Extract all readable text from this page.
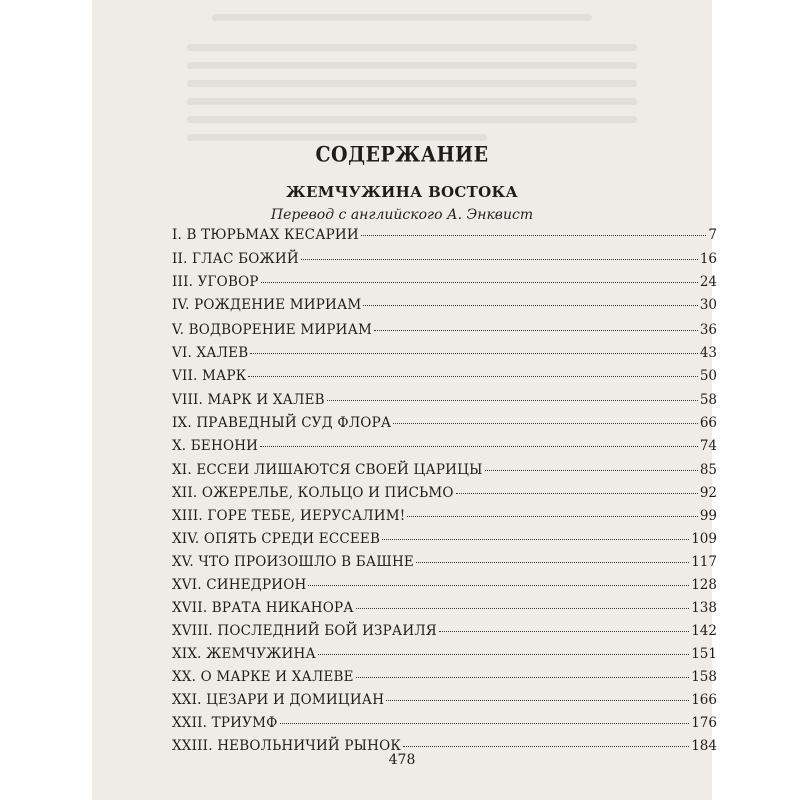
СОДЕРЖАНИЕ
ЖЕМЧУЖИНА ВОСТОКА
Перевод с английского А. Энквист
I. В ТЮРЬМАХ КЕСАРИИ	7
II. ГЛАС БОЖИЙ	16
III. УГОВОР	24
IV. РОЖДЕНИЕ МИРИАМ	30
V. ВОДВОРЕНИЕ МИРИАМ	36
VI. ХАЛЕВ	43
VII. МАРК	50
VIII. МАРК И ХАЛЕВ	58
IX. ПРАВЕДНЫЙ СУД ФЛОРА	66
X. БЕНОНИ	74
XI. ЕССЕИ ЛИШАЮТСЯ СВОЕЙ ЦАРИЦЫ	85
XII. ОЖЕРЕЛЬЕ, КОЛЬЦО И ПИСЬМО	92
XIII. ГОРЕ ТЕБЕ, ИЕРУСАЛИМ!	99
XIV. ОПЯТЬ СРЕДИ ЕССЕЕВ	109
XV. ЧТО ПРОИЗОШЛО В БАШНЕ	117
XVI. СИНЕДРИОН	128
XVII. ВРАТА НИКАНОРА	138
XVIII. ПОСЛЕДНИЙ БОЙ ИЗРАИЛЯ	142
XIX. ЖЕМЧУЖИНА	151
XX. О МАРКЕ И ХАЛЕВЕ	158
XXI. ЦЕЗАРИ И ДОМИЦИАН	166
XXII. ТРИУМФ	176
XXIII. НЕВОЛЬНИЧИЙ РЫНОК	184
478
